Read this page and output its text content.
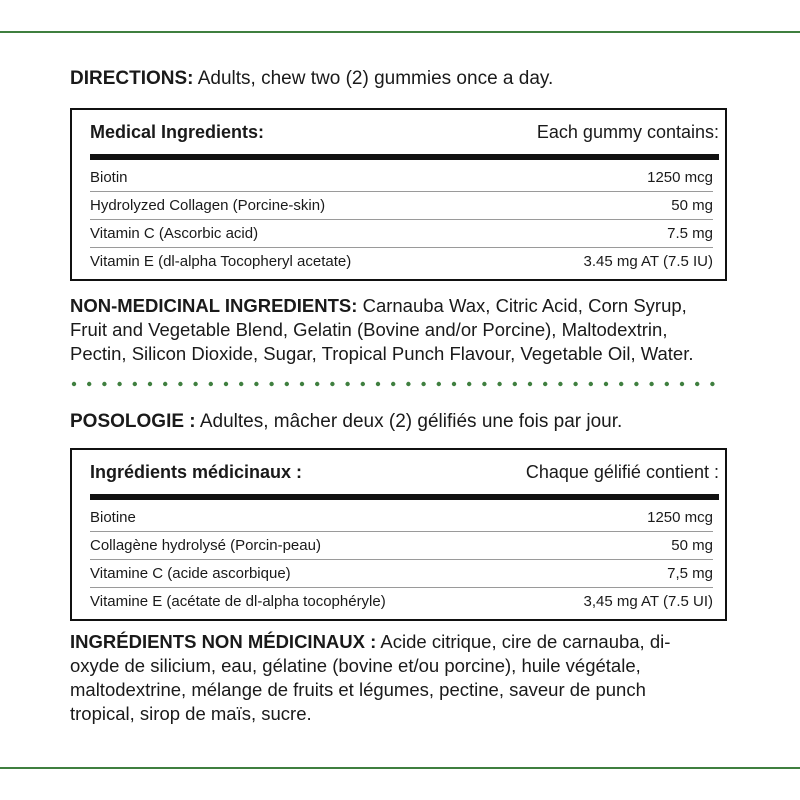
DIRECTIONS: Adults, chew two (2) gummies once a day.
Medical Ingredients:	Each gummy contains:
Biotin	1250 mcg
Hydrolyzed Collagen (Porcine-skin)	50 mg
Vitamin C (Ascorbic acid)	7.5 mg
Vitamin E (dl-alpha Tocopheryl acetate)	3.45 mg AT (7.5 IU)
NON-MEDICINAL INGREDIENTS: Carnauba Wax, Citric Acid, Corn Syrup,
Fruit and Vegetable Blend, Gelatin (Bovine and/or Porcine), Maltodextrin,
Pectin, Silicon Dioxide, Sugar, Tropical Punch Flavour, Vegetable Oil, Water.
POSOLOGIE : Adultes, mâcher deux (2) gélifiés une fois par jour.
Ingrédients médicinaux :	Chaque gélifié contient :
Biotine	1250 mcg
Collagène hydrolysé (Porcin-peau)	50 mg
Vitamine C (acide ascorbique)	7,5 mg
Vitamine E (acétate de dl-alpha tocophéryle)	3,45 mg AT (7.5 UI)
INGRÉDIENTS NON MÉDICINAUX : Acide citrique, cire de carnauba, di-
oxyde de silicium, eau, gélatine (bovine et/ou porcine), huile végétale,
maltodextrine, mélange de fruits et légumes, pectine, saveur de punch
tropical, sirop de maïs, sucre.
